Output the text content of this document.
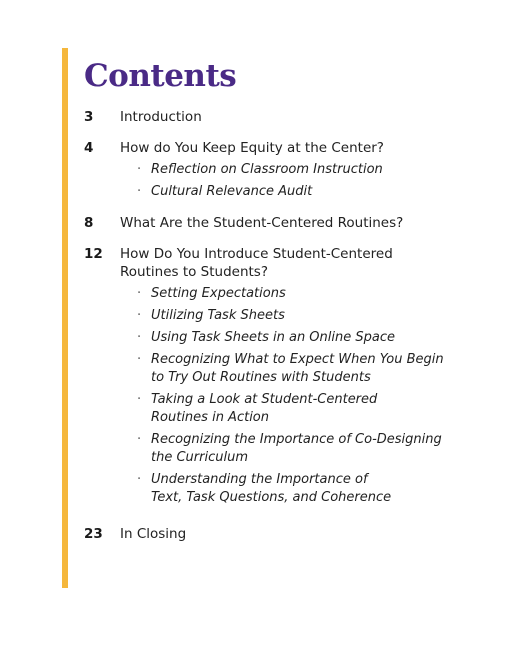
Contents
3	Introduction
4	How do You Keep Equity at the Center?
· Reflection on Classroom Instruction
· Cultural Relevance Audit
8	What Are the Student-Centered Routines?
12	How Do You Introduce Student-Centered Routines to Students?
· Setting Expectations
· Utilizing Task Sheets
· Using Task Sheets in an Online Space
· Recognizing What to Expect When You Begin to Try Out Routines with Students
· Taking a Look at Student-Centered Routines in Action
· Recognizing the Importance of Co-Designing the Curriculum
· Understanding the Importance of Text, Task Questions, and Coherence
23	In Closing
